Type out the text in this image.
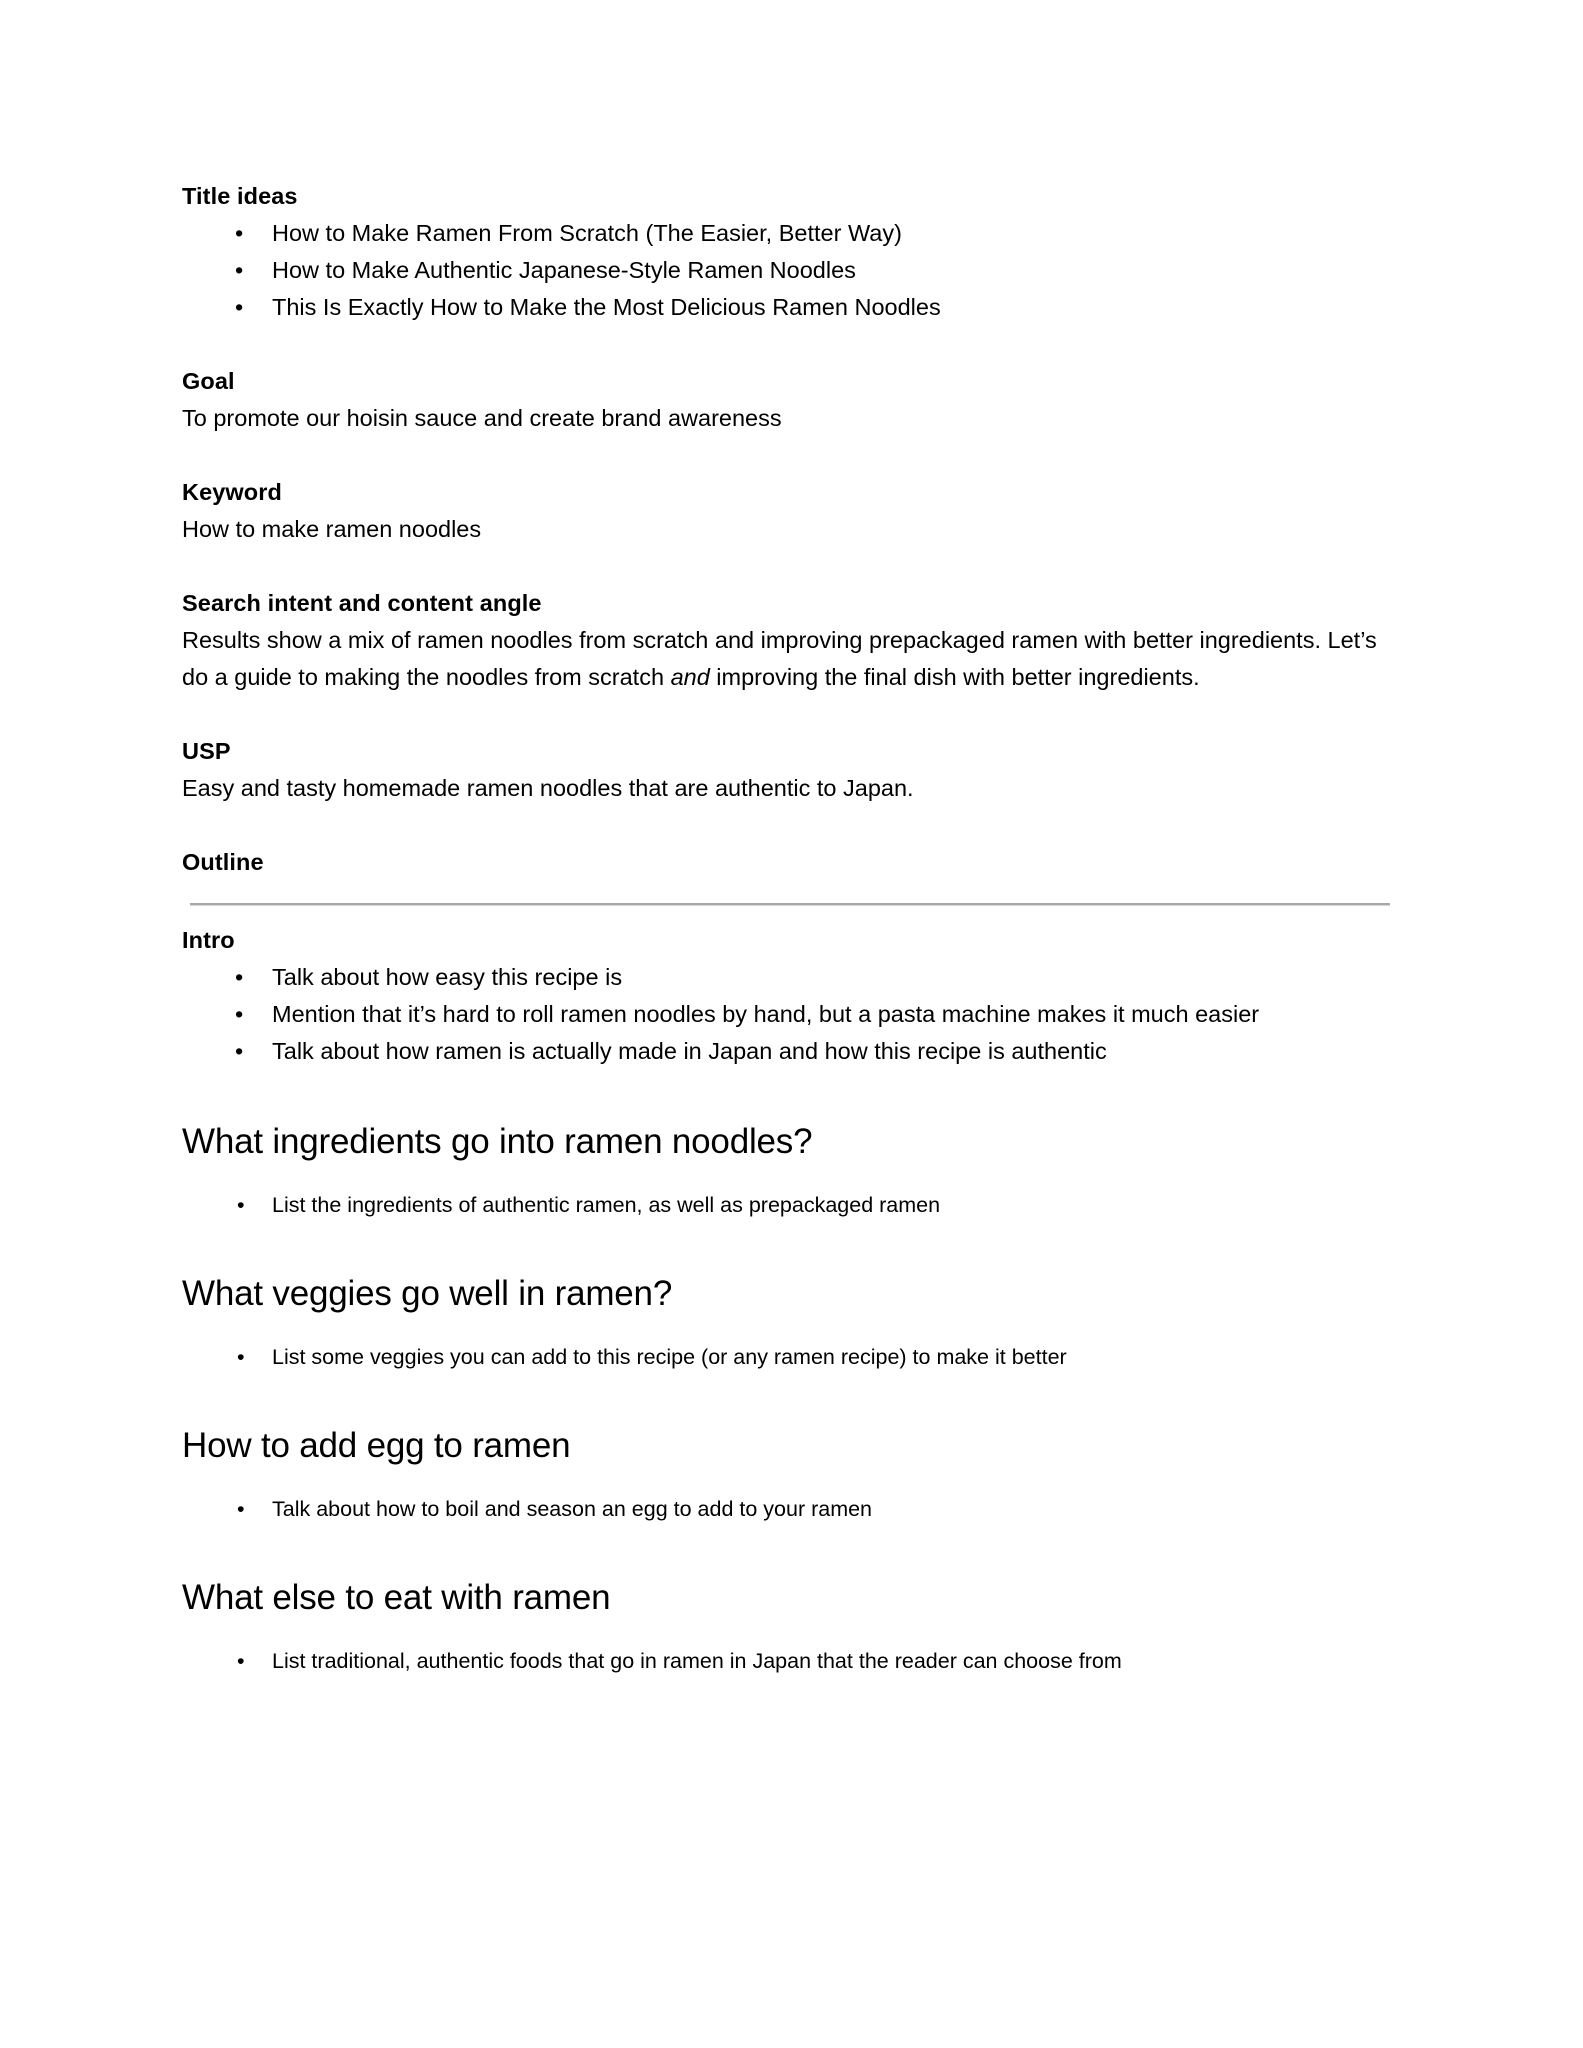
Title ideas

•
How to Make Ramen From Scratch (The Easier, Better Way)
•
How to Make Authentic Japanese-Style Ramen Noodles
•
This Is Exactly How to Make the Most Delicious Ramen Noodles

Goal

To promote our hoisin sauce and create brand awareness

Keyword

How to make ramen noodles

Search intent and content angle

Results show a mix of ramen noodles from scratch and improving prepackaged ramen with better ingredients. Let’s do a guide to making the noodles from scratch and improving the final dish with better ingredients.

USP

Easy and tasty homemade ramen noodles that are authentic to Japan.

Outline

Intro

•
Talk about how easy this recipe is
•
Mention that it’s hard to roll ramen noodles by hand, but a pasta machine makes it much easier
•
Talk about how ramen is actually made in Japan and how this recipe is authentic
What ingredients go into ramen noodles?
•
List the ingredients of authentic ramen, as well as prepackaged ramen
What veggies go well in ramen?
•
List some veggies you can add to this recipe (or any ramen recipe) to make it better
How to add egg to ramen
•
Talk about how to boil and season an egg to add to your ramen
What else to eat with ramen
•
List traditional, authentic foods that go in ramen in Japan that the reader can choose from
